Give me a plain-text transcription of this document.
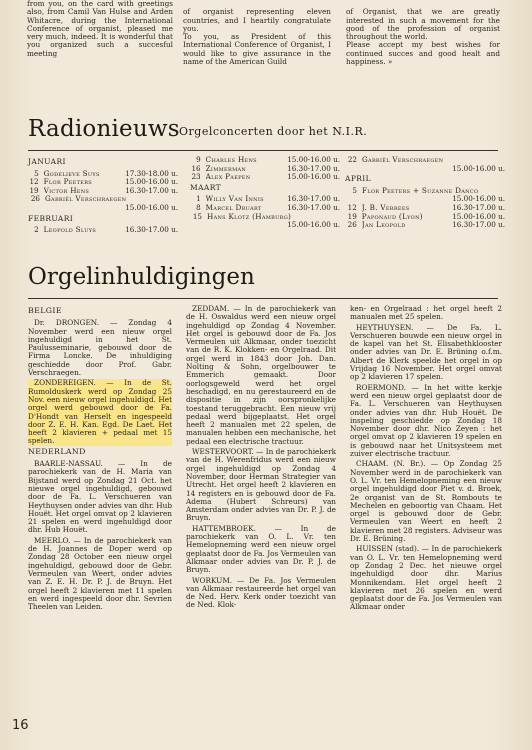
from you, on the card with greetings also, from Camil Van Hulse and Arden Whitacre, during the International Conference of organist, pleased me very much, indeed. It is wonderful that you organized such a succesful meeting

of organist representing eleven countries, and I heartily congratulate you.
To you, as President of this International Conference of Organist, I would like to give assurance in the name of the American Guild

of Organist, that we are greatly interested in such a movement for the good of the profession of organist throughout the world.
Please accept my best wishes for continued succes and good healt and happiness. »

Radionieuws Orgelconcerten door het N.I.R.
JANUARI
5 Godelieve Suys	17.30-18.00 u.
12 Flor Peeters	15.00-16.00 u.
19 Victor Hens	16.30-17.00 u.
26 Gabriël Verschraegen
15.00-16.00 u.
FEBRUARI
2 Leopold Sluys	16.30-17.00 u.
9 Charles Hens	15.00-16.00 u.
16 Zimmerman	16.30-17.00 u.
23 Alex Paepen	15.00-16.00 u.
MAART
1 Willy Van Innis	16.30-17.00 u.
8 Marcel Druart	16.30-17.00 u.
15 Hans Klotz (Hamburg)
15.00-16.00 u.
22 Gabriël Verschraegen
15.00-16.00 u.
APRIL
5 Flor Peeters + Suzanne Danco
15.00-16.00 u.
12 J. B. Verrees	16.30-17.00 u.
19 Paponaud (Lyon)	15.00-16.00 u.
26 Jan Leopold	16.30-17.00 u.
Orgelinhuldigingen
BELGIE

Dr. DRONGEN. — Zondag 4 November werd een nieuw orgel ingehuldigd in het St. Paulusseminarie, gebouwd door de Firma Loncke. De inhuldiging geschiedde door Prof. Gabr. Verschraegen.

ZONDEREIGEN. — In de St. Rumolduskerk werd op Zondag 25 Nov. een nieuw orgel ingehuldigd. Het orgel werd gebouwd door de Fa. D'Hondt van Herselt en ingespeeld door Z. E. H. Kan. Egd. De Laet. Het heeft 2 klavieren + pedaal met 15 spelen.

NEDERLAND

BAARLE-NASSAU. — In de parochiekerk van de H. Maria van Bijstand werd op Zondag 21 Oct. het nieuwe orgel ingehuldigd, gebouwd door de Fa. L. Verschueren van Heythuysen onder advies van dhr. Hub Houët. Het orgel omvat op 2 klavieren 21 spelen en werd ingehuldigd door dhr. Hub Houët.

MEERLO. — In de parochiekerk van de H. Joannes de Doper werd op Zondag 28 October een nieuw orgel ingehuldigd, gebouwd door de Gebr. Vermeulen van Weert, onder advies van Z. E. H. Dr. P. J. de Bruyn. Het orgel heeft 2 klavieren met 11 spelen en werd ingespeeld door dhr. Sevrien Theelen van Leiden.

ZEDDAM. — In de parochiekerk van de H. Oswaldus werd een nieuw orgel ingehuldigd op Zondag 4 November. Het orgel is gebouwd door de Fa. Jos Vermeulen uit Alkmaar, onder toezicht van de R. K. Klokken- en Orgelraad. Dit orgel werd in 1843 door Joh. Dan. Nolting & Sohn, orgelbouwer te Emmerich gemaakt. Door oorlogsgeweld werd het orgel beschadigd, en nu gerestaureerd en de dispositie in zijn oorspronkelijke toestand teruggebracht. Een nieuw vrij pedaal werd bijgeplaatst. Het orgel heeft 2 manualen met 22 spelen, de manualen hebben een mechanische, het pedaal een electrische tractuur.

WESTERVOORT. — In de parochiekerk van de H. Werenfridus werd een nieuw orgel ingehuldigd op Zondag 4 November, door Herman Strategier van Utrecht. Het orgel heeft 2 klavieren en 14 registers en is gebouwd door de Fa. Adema (Hubert Schreurs) van Amsterdam onder advies van Dr. P. J. de Bruyn.

HATTEMBROEK. — In de parochiekerk van O. L. Vr. ten Hemelopneming werd een nieuw orgel geplaatst door de Fa. Jos Vermeulen van Alkmaar onder advies van Dr. P. J. de Bruyn.

WORKUM. — De Fa. Jos Vermeulen van Alkmaar restaureerde het orgel van de Ned. Herv. Kerk onder toezicht van de Ned. Klok-

ken- en Orgelraad : het orgel heeft 2 manualen met 25 spelen.

HEYTHUYSEN. — De Fa. L. Verschueren bouwde een nieuw orgel in de kapel van het St. Elisabethklooster onder advies van Dr. E. Brüning o.f.m. Albert de Klerk speelde het orgel in op Vrijdag 16 November. Het orgel omvat op 2 klavieren 17 spelen.

ROERMOND. — In het witte kerkje werd een nieuw orgel geplaatst door de Fa. L. Verschueren van Heythuysen onder advies van dhr. Hub Houët. De inspeling geschiedde op Zondag 18 November door dhr. Nico Zeyen : het orgel omvat op 2 klavieren 19 spelen en is gebouwd naar het Unitsysteem met zuiver electrische tractuur.

CHAAM. (N. Br.). — Op Zondag 25 November werd in de parochiekerk van O. L. Vr. ten Hemelopneming een nieuw orgel ingehuldigd door Piet v. d. Broek, 2e organist van de St. Rombouts te Mechelen en geboortig van Chaam. Het orgel is gebouwd door de Gebr. Vermeulen van Weert en heeft 2 klavieren met 28 registers. Adviseur was Dr. E. Brüning.

HUISSEN (stad). — In de parochiekerk van O. L. Vr. ten Hemelopneming werd op Zondag 2 Dec. het nieuwe orgel ingehuldigd door dhr. Marius Monnikendam. Het orgel heeft 2 klavieren met 26 spelen en werd geplaatst door de Fa. Jos Vermeulen van Alkmaar onder

16
